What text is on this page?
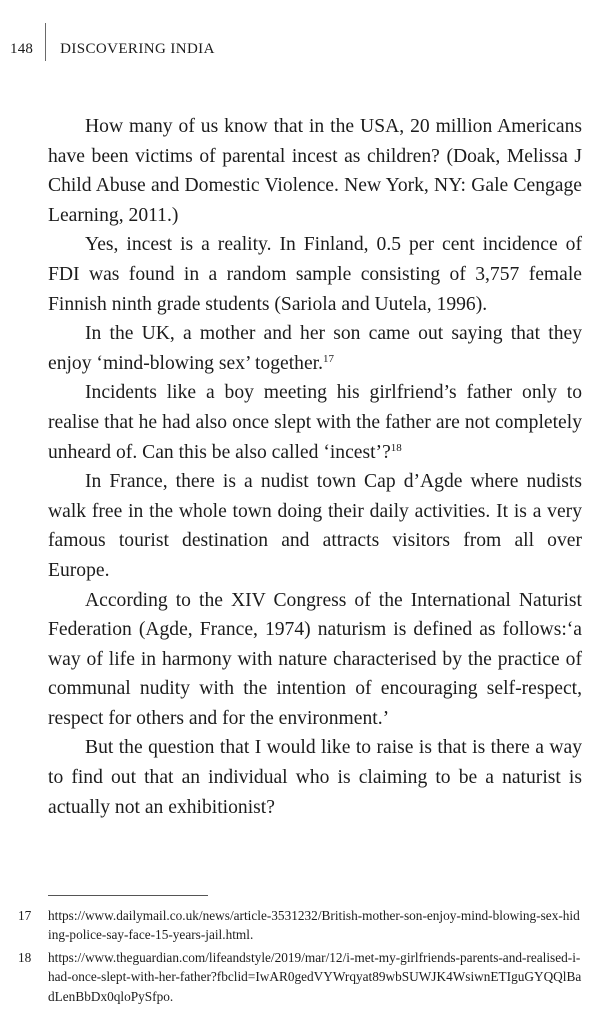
148	DISCOVERING INDIA

How many of us know that in the USA, 20 million Americans have been victims of parental incest as children? (Doak, Melissa J Child Abuse and Domestic Violence. New York, NY: Gale Cengage Learning, 2011.)

Yes, incest is a reality. In Finland, 0.5 per cent incidence of FDI was found in a random sample consisting of 3,757 female Finnish ninth grade students (Sariola and Uutela, 1996).

In the UK, a mother and her son came out saying that they enjoy ‘mind-blowing sex’ together.$^{17}$

Incidents like a boy meeting his girlfriend’s father only to realise that he had also once slept with the father are not completely unheard of. Can this be also called ‘incest’?$^{18}$

In France, there is a nudist town Cap d’Agde where nudists walk free in the whole town doing their daily activities. It is a very famous tourist destination and attracts visitors from all over Europe.

According to the XIV Congress of the International Naturist Federation (Agde, France, 1974) naturism is defined as follows:‘a way of life in harmony with nature characterised by the practice of communal nudity with the intention of encouraging self-respect, respect for others and for the environment.’

But the question that I would like to raise is that is there a way to find out that an individual who is claiming to be a naturist is actually not an exhibitionist?

17	https://www.dailymail.co.uk/news/article-3531232/British-mother-son-enjoy-mind-blowing-sex-hiding-police-say-face-15-years-jail.html.
18	https://www.theguardian.com/lifeandstyle/2019/mar/12/i-met-my-girlfriends-parents-and-realised-i-had-once-slept-with-her-father?fbclid=IwAR0gedVYWrqyat89wbSUWJK4WsiwnETIguGYQQlBadLenBbDx0qloPySfpo.
